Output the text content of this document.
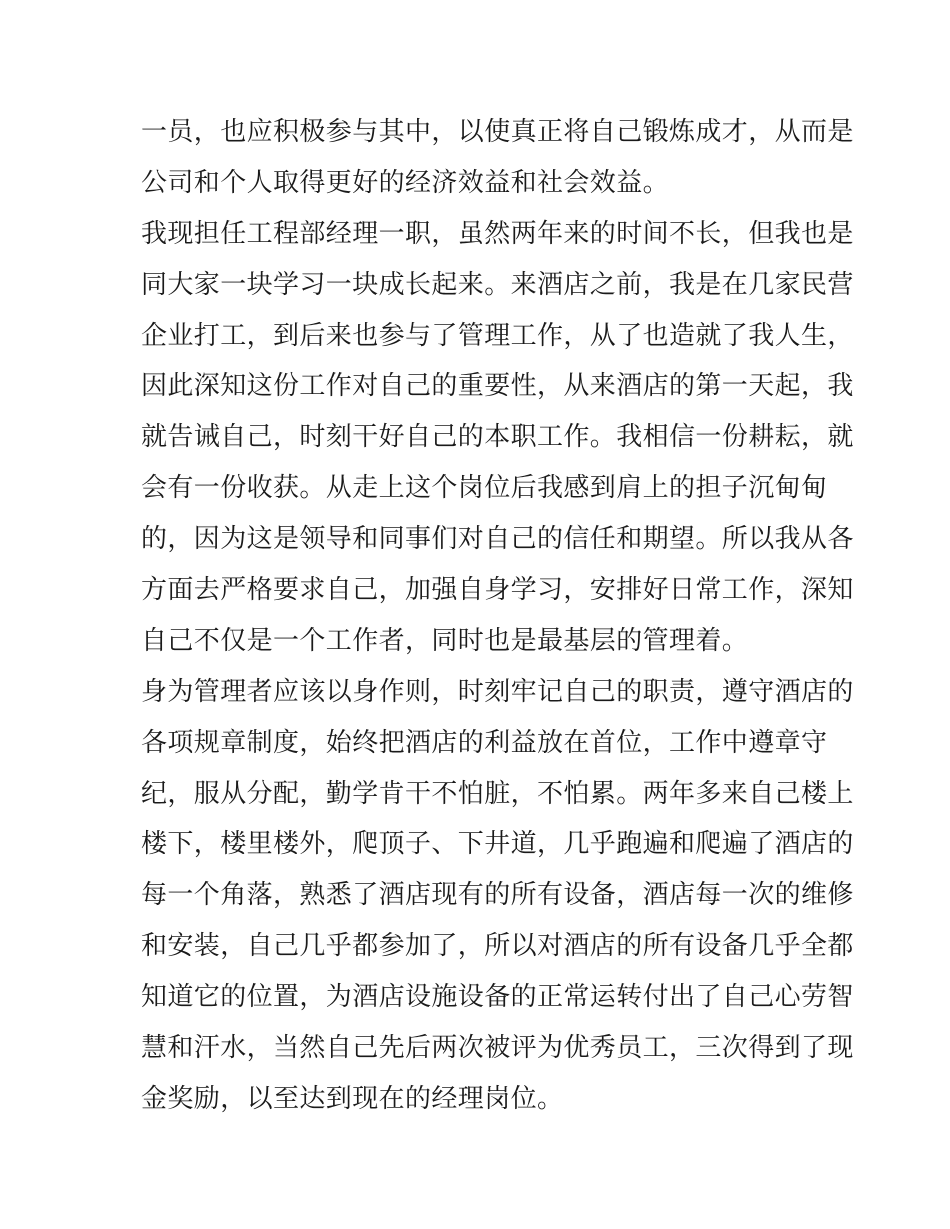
一员，也应积极参与其中，以使真正将自己锻炼成才，从而是
公司和个人取得更好的经济效益和社会效益。
我现担任工程部经理一职，虽然两年来的时间不长，但我也是
同大家一块学习一块成长起来。来酒店之前，我是在几家民营
企业打工，到后来也参与了管理工作，从了也造就了我人生，
因此深知这份工作对自己的重要性，从来酒店的第一天起，我
就告诫自己，时刻干好自己的本职工作。我相信一份耕耘，就
会有一份收获。从走上这个岗位后我感到肩上的担子沉甸甸
的，因为这是领导和同事们对自己的信任和期望。所以我从各
方面去严格要求自己，加强自身学习，安排好日常工作，深知
自己不仅是一个工作者，同时也是最基层的管理着。
身为管理者应该以身作则，时刻牢记自己的职责，遵守酒店的
各项规章制度，始终把酒店的利益放在首位，工作中遵章守
纪，服从分配，勤学肯干不怕脏，不怕累。两年多来自己楼上
楼下，楼里楼外，爬顶子、下井道，几乎跑遍和爬遍了酒店的
每一个角落，熟悉了酒店现有的所有设备，酒店每一次的维修
和安装，自己几乎都参加了，所以对酒店的所有设备几乎全都
知道它的位置，为酒店设施设备的正常运转付出了自己心劳智
慧和汗水，当然自己先后两次被评为优秀员工，三次得到了现
金奖励，以至达到现在的经理岗位。
